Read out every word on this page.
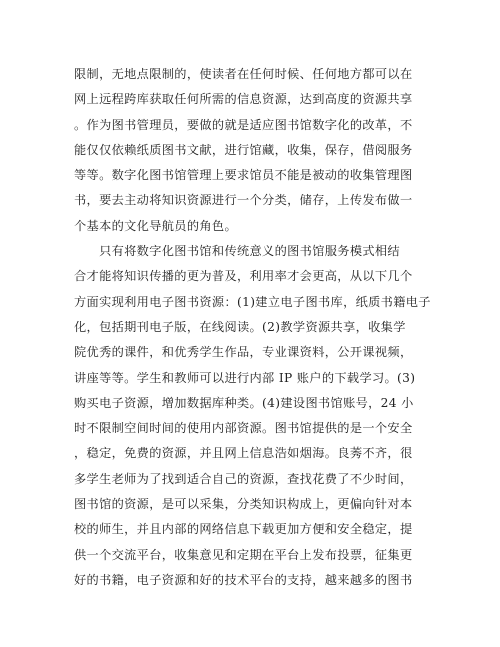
限制，无地点限制的，使读者在任何时候、任何地方都可以在
网上远程跨库获取任何所需的信息资源，达到高度的资源共享
。作为图书管理员，要做的就是适应图书馆数字化的改革，不
能仅仅依赖纸质图书文献，进行馆藏，收集，保存，借阅服务
等等。数字化图书馆管理上要求馆员不能是被动的收集管理图
书，要去主动将知识资源进行一个分类，储存，上传发布做一
个基本的文化导航员的角色。
　　只有将数字化图书馆和传统意义的图书馆服务模式相结
合才能将知识传播的更为普及，利用率才会更高，从以下几个
方面实现利用电子图书资源：(1)建立电子图书库，纸质书籍电子
化，包括期刊电子版，在线阅读。(2)教学资源共享，收集学
院优秀的课件，和优秀学生作品，专业课资料，公开课视频，
讲座等等。学生和教师可以进行内部 IP 账户的下载学习。(3)
购买电子资源，增加数据库种类。(4)建设图书馆账号，24 小
时不限制空间时间的使用内部资源。图书馆提供的是一个安全
，稳定，免费的资源，并且网上信息浩如烟海。良莠不齐，很
多学生老师为了找到适合自己的资源，查找花费了不少时间，
图书馆的资源，是可以采集，分类知识构成上，更偏向针对本
校的师生，并且内部的网络信息下载更加方便和安全稳定，提
供一个交流平台，收集意见和定期在平台上发布投票，征集更
好的书籍，电子资源和好的技术平台的支持，越来越多的图书
